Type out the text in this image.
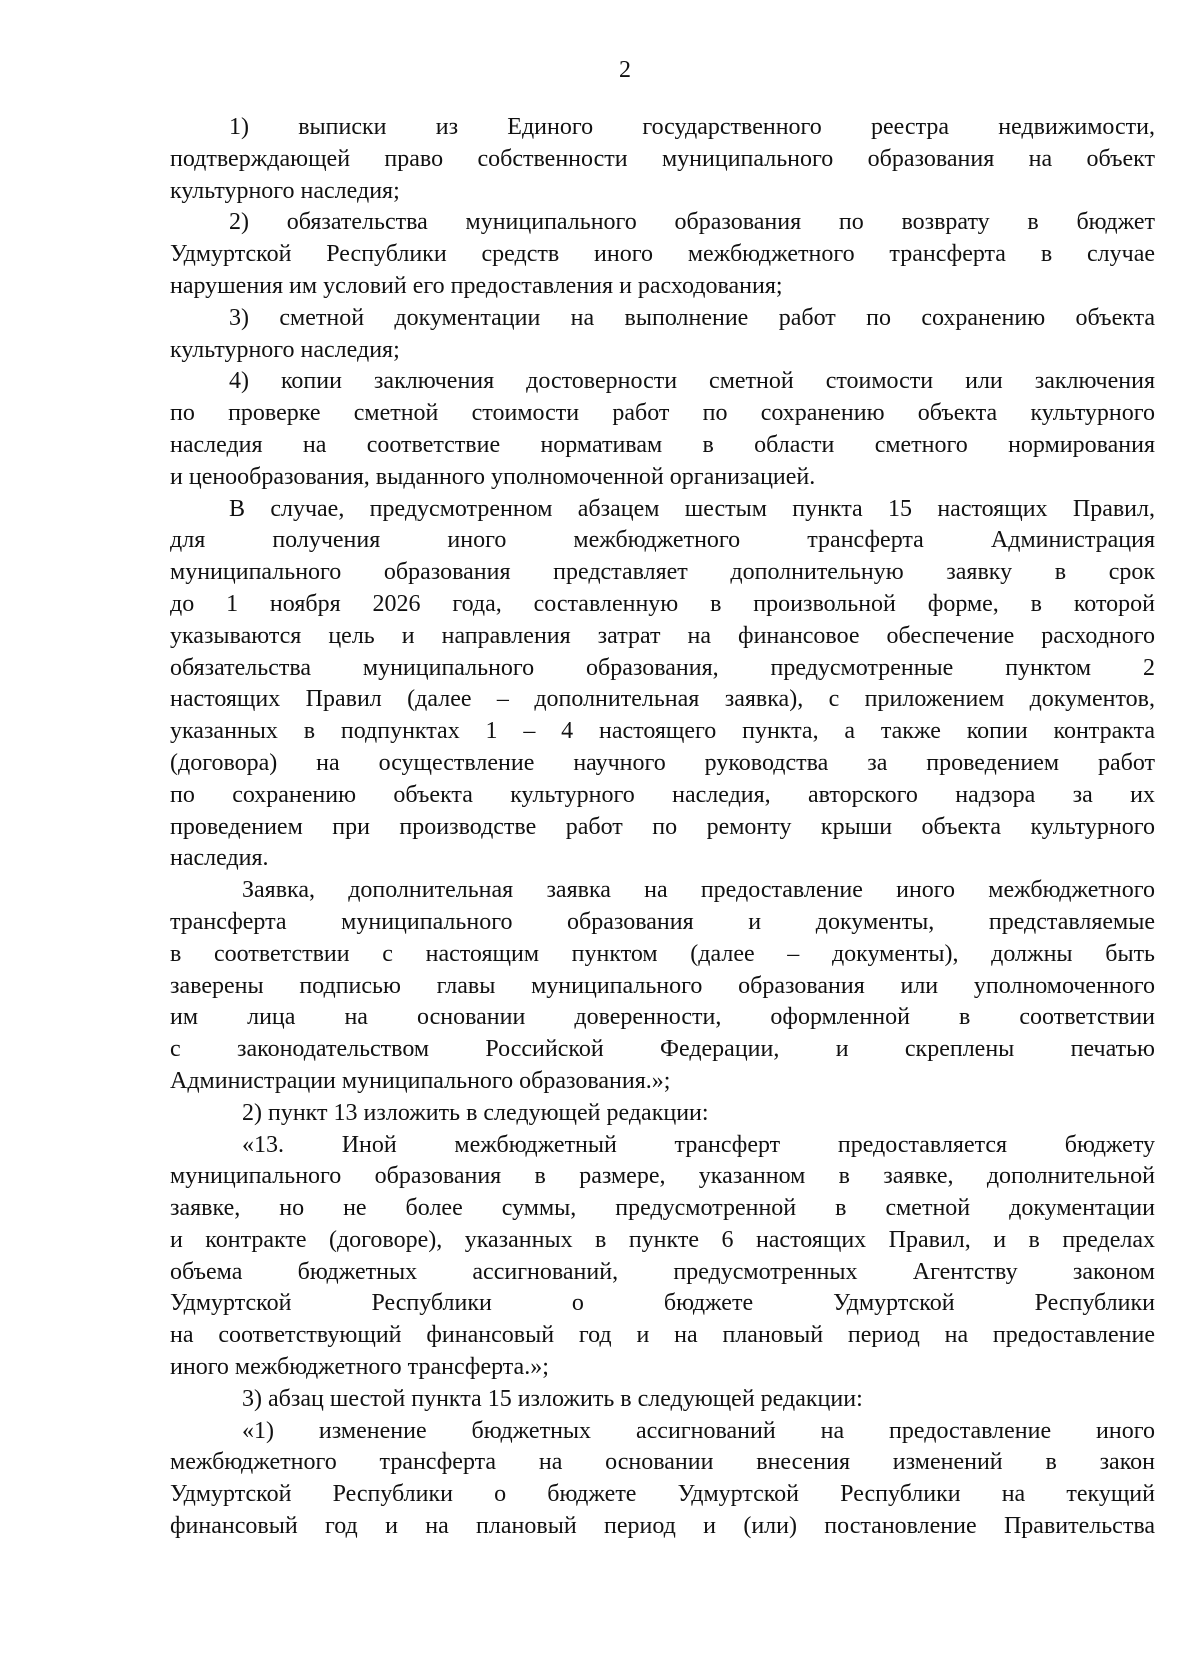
2
1) выписки из Единого государственного реестра недвижимости,
подтверждающей право собственности муниципального образования на объект
культурного наследия;
2) обязательства муниципального образования по возврату в бюджет
Удмуртской Республики средств иного межбюджетного трансферта в случае
нарушения им условий его предоставления и расходования;
3) сметной документации на выполнение работ по сохранению объекта
культурного наследия;
4) копии заключения достоверности сметной стоимости или заключения
по проверке сметной стоимости работ по сохранению объекта культурного
наследия на соответствие нормативам в области сметного нормирования
и ценообразования, выданного уполномоченной организацией.
В случае, предусмотренном абзацем шестым пункта 15 настоящих Правил,
для получения иного межбюджетного трансферта Администрация
муниципального образования представляет дополнительную заявку в срок
до 1 ноября 2026 года, составленную в произвольной форме, в которой
указываются цель и направления затрат на финансовое обеспечение расходного
обязательства муниципального образования, предусмотренные пунктом 2
настоящих Правил (далее – дополнительная заявка), с приложением документов,
указанных в подпунктах 1 – 4 настоящего пункта, а также копии контракта
(договора) на осуществление научного руководства за проведением работ
по сохранению объекта культурного наследия, авторского надзора за их
проведением при производстве работ по ремонту крыши объекта культурного
наследия.
Заявка, дополнительная заявка на предоставление иного межбюджетного
трансферта муниципального образования и документы, представляемые
в соответствии с настоящим пунктом (далее – документы), должны быть
заверены подписью главы муниципального образования или уполномоченного
им лица на основании доверенности, оформленной в соответствии
с законодательством Российской Федерации, и скреплены печатью
Администрации муниципального образования.»;
2) пункт 13 изложить в следующей редакции:
«13. Иной межбюджетный трансферт предоставляется бюджету
муниципального образования в размере, указанном в заявке, дополнительной
заявке, но не более суммы, предусмотренной в сметной документации
и контракте (договоре), указанных в пункте 6 настоящих Правил, и в пределах
объема бюджетных ассигнований, предусмотренных Агентству законом
Удмуртской Республики о бюджете Удмуртской Республики
на соответствующий финансовый год и на плановый период на предоставление
иного межбюджетного трансферта.»;
3) абзац шестой пункта 15 изложить в следующей редакции:
«1) изменение бюджетных ассигнований на предоставление иного
межбюджетного трансферта на основании внесения изменений в закон
Удмуртской Республики о бюджете Удмуртской Республики на текущий
финансовый год и на плановый период и (или) постановление Правительства
